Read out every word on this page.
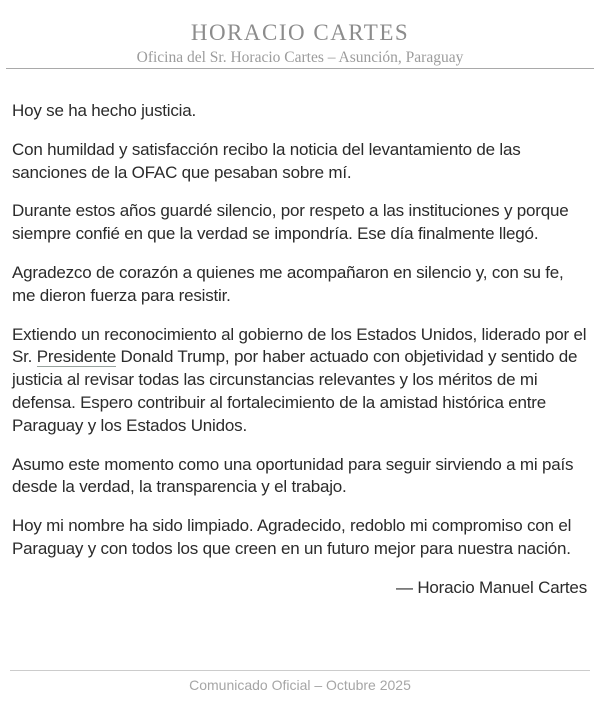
HORACIO CARTES
Oficina del Sr. Horacio Cartes – Asunción, Paraguay

Hoy se ha hecho justicia.

Con humildad y satisfacción recibo la noticia del levantamiento de las sanciones de la OFAC que pesaban sobre mí.

Durante estos años guardé silencio, por respeto a las instituciones y porque siempre confié en que la verdad se impondría. Ese día finalmente llegó.

Agradezco de corazón a quienes me acompañaron en silencio y, con su fe, me dieron fuerza para resistir.

Extiendo un reconocimiento al gobierno de los Estados Unidos, liderado por el Sr. Presidente Donald Trump, por haber actuado con objetividad y sentido de justicia al revisar todas las circunstancias relevantes y los méritos de mi defensa. Espero contribuir al fortalecimiento de la amistad histórica entre Paraguay y los Estados Unidos.

Asumo este momento como una oportunidad para seguir sirviendo a mi país desde la verdad, la transparencia y el trabajo.

Hoy mi nombre ha sido limpiado. Agradecido, redoblo mi compromiso con el Paraguay y con todos los que creen en un futuro mejor para nuestra nación.

— Horacio Manuel Cartes

Comunicado Oficial – Octubre 2025
